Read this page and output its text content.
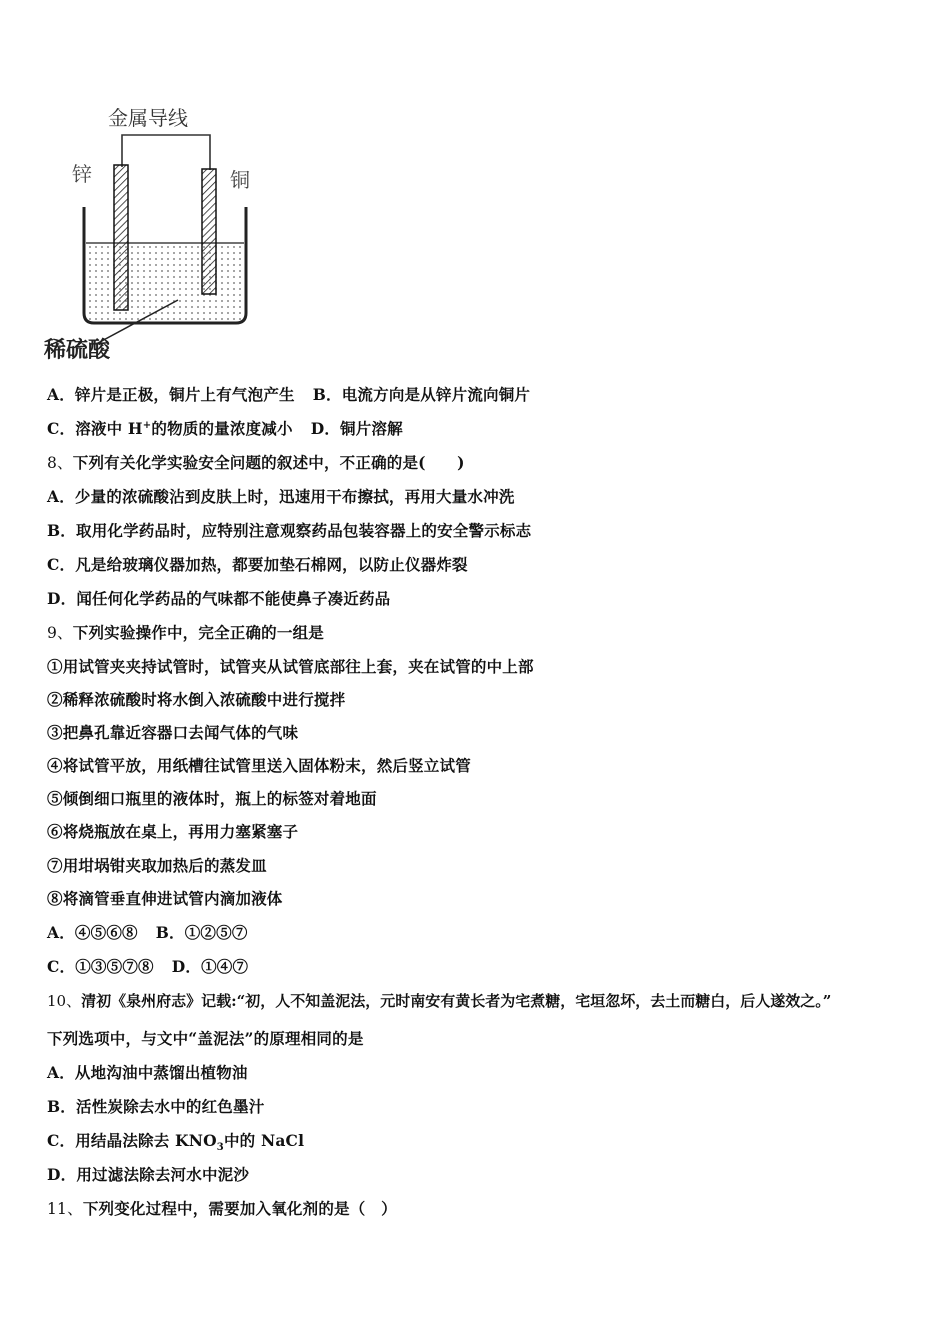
金属导线
锌	铜
稀硫酸
A．锌片是正极，铜片上有气泡产生 B．电流方向是从锌片流向铜片
C．溶液中 H+的物质的量浓度减小 D．铜片溶解
8、下列有关化学实验安全问题的叙述中，不正确的是(　　)
A．少量的浓硫酸沾到皮肤上时，迅速用干布擦拭，再用大量水冲洗
B．取用化学药品时，应特别注意观察药品包装容器上的安全警示标志
C．凡是给玻璃仪器加热，都要加垫石棉网，以防止仪器炸裂
D．闻任何化学药品的气味都不能使鼻子凑近药品
9、下列实验操作中，完全正确的一组是
①用试管夹夹持试管时，试管夹从试管底部往上套，夹在试管的中上部
②稀释浓硫酸时将水倒入浓硫酸中进行搅拌
③把鼻孔靠近容器口去闻气体的气味
④将试管平放，用纸槽往试管里送入固体粉末，然后竖立试管
⑤倾倒细口瓶里的液体时，瓶上的标签对着地面
⑥将烧瓶放在桌上，再用力塞紧塞子
⑦用坩埚钳夹取加热后的蒸发皿
⑧将滴管垂直伸进试管内滴加液体
A．④⑤⑥⑧ B．①②⑤⑦
C．①③⑤⑦⑧ D．①④⑦
10、清初《泉州府志》记载:“初，人不知盖泥法，元时南安有黄长者为宅煮糖，宅垣忽坏，去土而糖白，后人遂效之。”
下列选项中，与文中“盖泥法”的原理相同的是
A．从地沟油中蒸馏出植物油
B．活性炭除去水中的红色墨汁
C．用结晶法除去 $KNO_3$中的 NaCl
D．用过滤法除去河水中泥沙
11、下列变化过程中，需要加入氧化剂的是（　）
